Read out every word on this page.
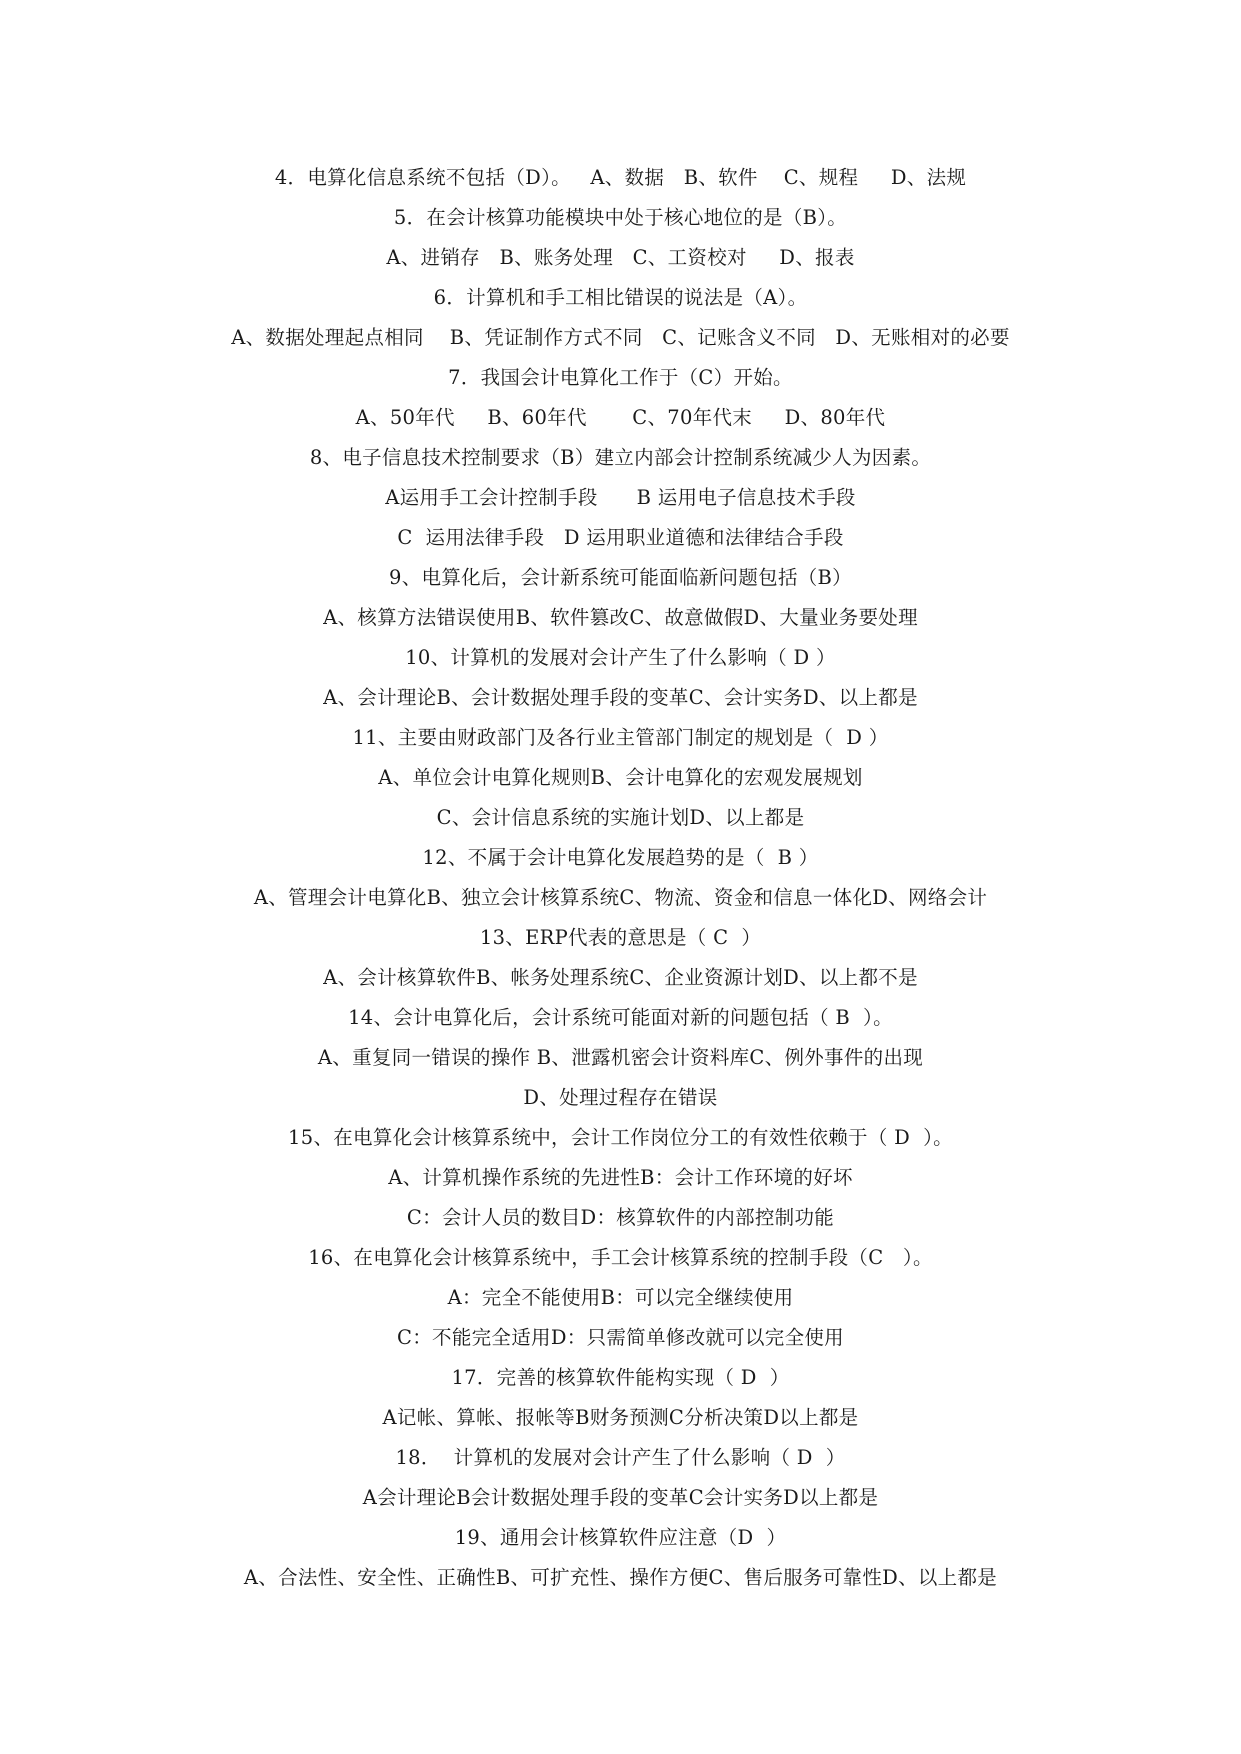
4．电算化信息系统不包括（D）。   A、数据   B、软件    C、规程     D、法规
5．在会计核算功能模块中处于核心地位的是（B）。
A、进销存   B、账务处理   C、工资校对     D、报表
6．计算机和手工相比错误的说法是（A）。
A、数据处理起点相同    B、凭证制作方式不同   C、记账含义不同   D、无账相对的必要
7．我国会计电算化工作于（C）开始。
A、50年代     B、60年代       C、70年代末     D、80年代
8、电子信息技术控制要求（B）建立内部会计控制系统减少人为因素。
A运用手工会计控制手段      B 运用电子信息技术手段
C  运用法律手段   D 运用职业道德和法律结合手段
9、电算化后，会计新系统可能面临新问题包括（B）
A、核算方法错误使用B、软件篡改C、故意做假D、大量业务要处理
10、计算机的发展对会计产生了什么影响（ D ）
A、会计理论B、会计数据处理手段的变革C、会计实务D、以上都是
11、主要由财政部门及各行业主管部门制定的规划是（  D ）
A、单位会计电算化规则B、会计电算化的宏观发展规划
C、会计信息系统的实施计划D、以上都是
12、不属于会计电算化发展趋势的是（  B ）
A、管理会计电算化B、独立会计核算系统C、物流、资金和信息一体化D、网络会计
13、ERP代表的意思是（ C  ）
A、会计核算软件B、帐务处理系统C、企业资源计划D、以上都不是
14、会计电算化后，会计系统可能面对新的问题包括（ B  ）。
A、重复同一错误的操作 B、泄露机密会计资料库C、例外事件的出现
D、处理过程存在错误
15、在电算化会计核算系统中，会计工作岗位分工的有效性依赖于（ D  ）。
A、计算机操作系统的先进性B：会计工作环境的好坏
C：会计人员的数目D：核算软件的内部控制功能
16、在电算化会计核算系统中，手工会计核算系统的控制手段（C   ）。
A：完全不能使用B：可以完全继续使用
C：不能完全适用D：只需简单修改就可以完全使用
17．完善的核算软件能构实现（ D  ）
A记帐、算帐、报帐等B财务预测C分析决策D以上都是
18．  计算机的发展对会计产生了什么影响（ D  ）
A会计理论B会计数据处理手段的变革C会计实务D以上都是
19、通用会计核算软件应注意（D  ）
A、合法性、安全性、正确性B、可扩充性、操作方便C、售后服务可靠性D、以上都是
